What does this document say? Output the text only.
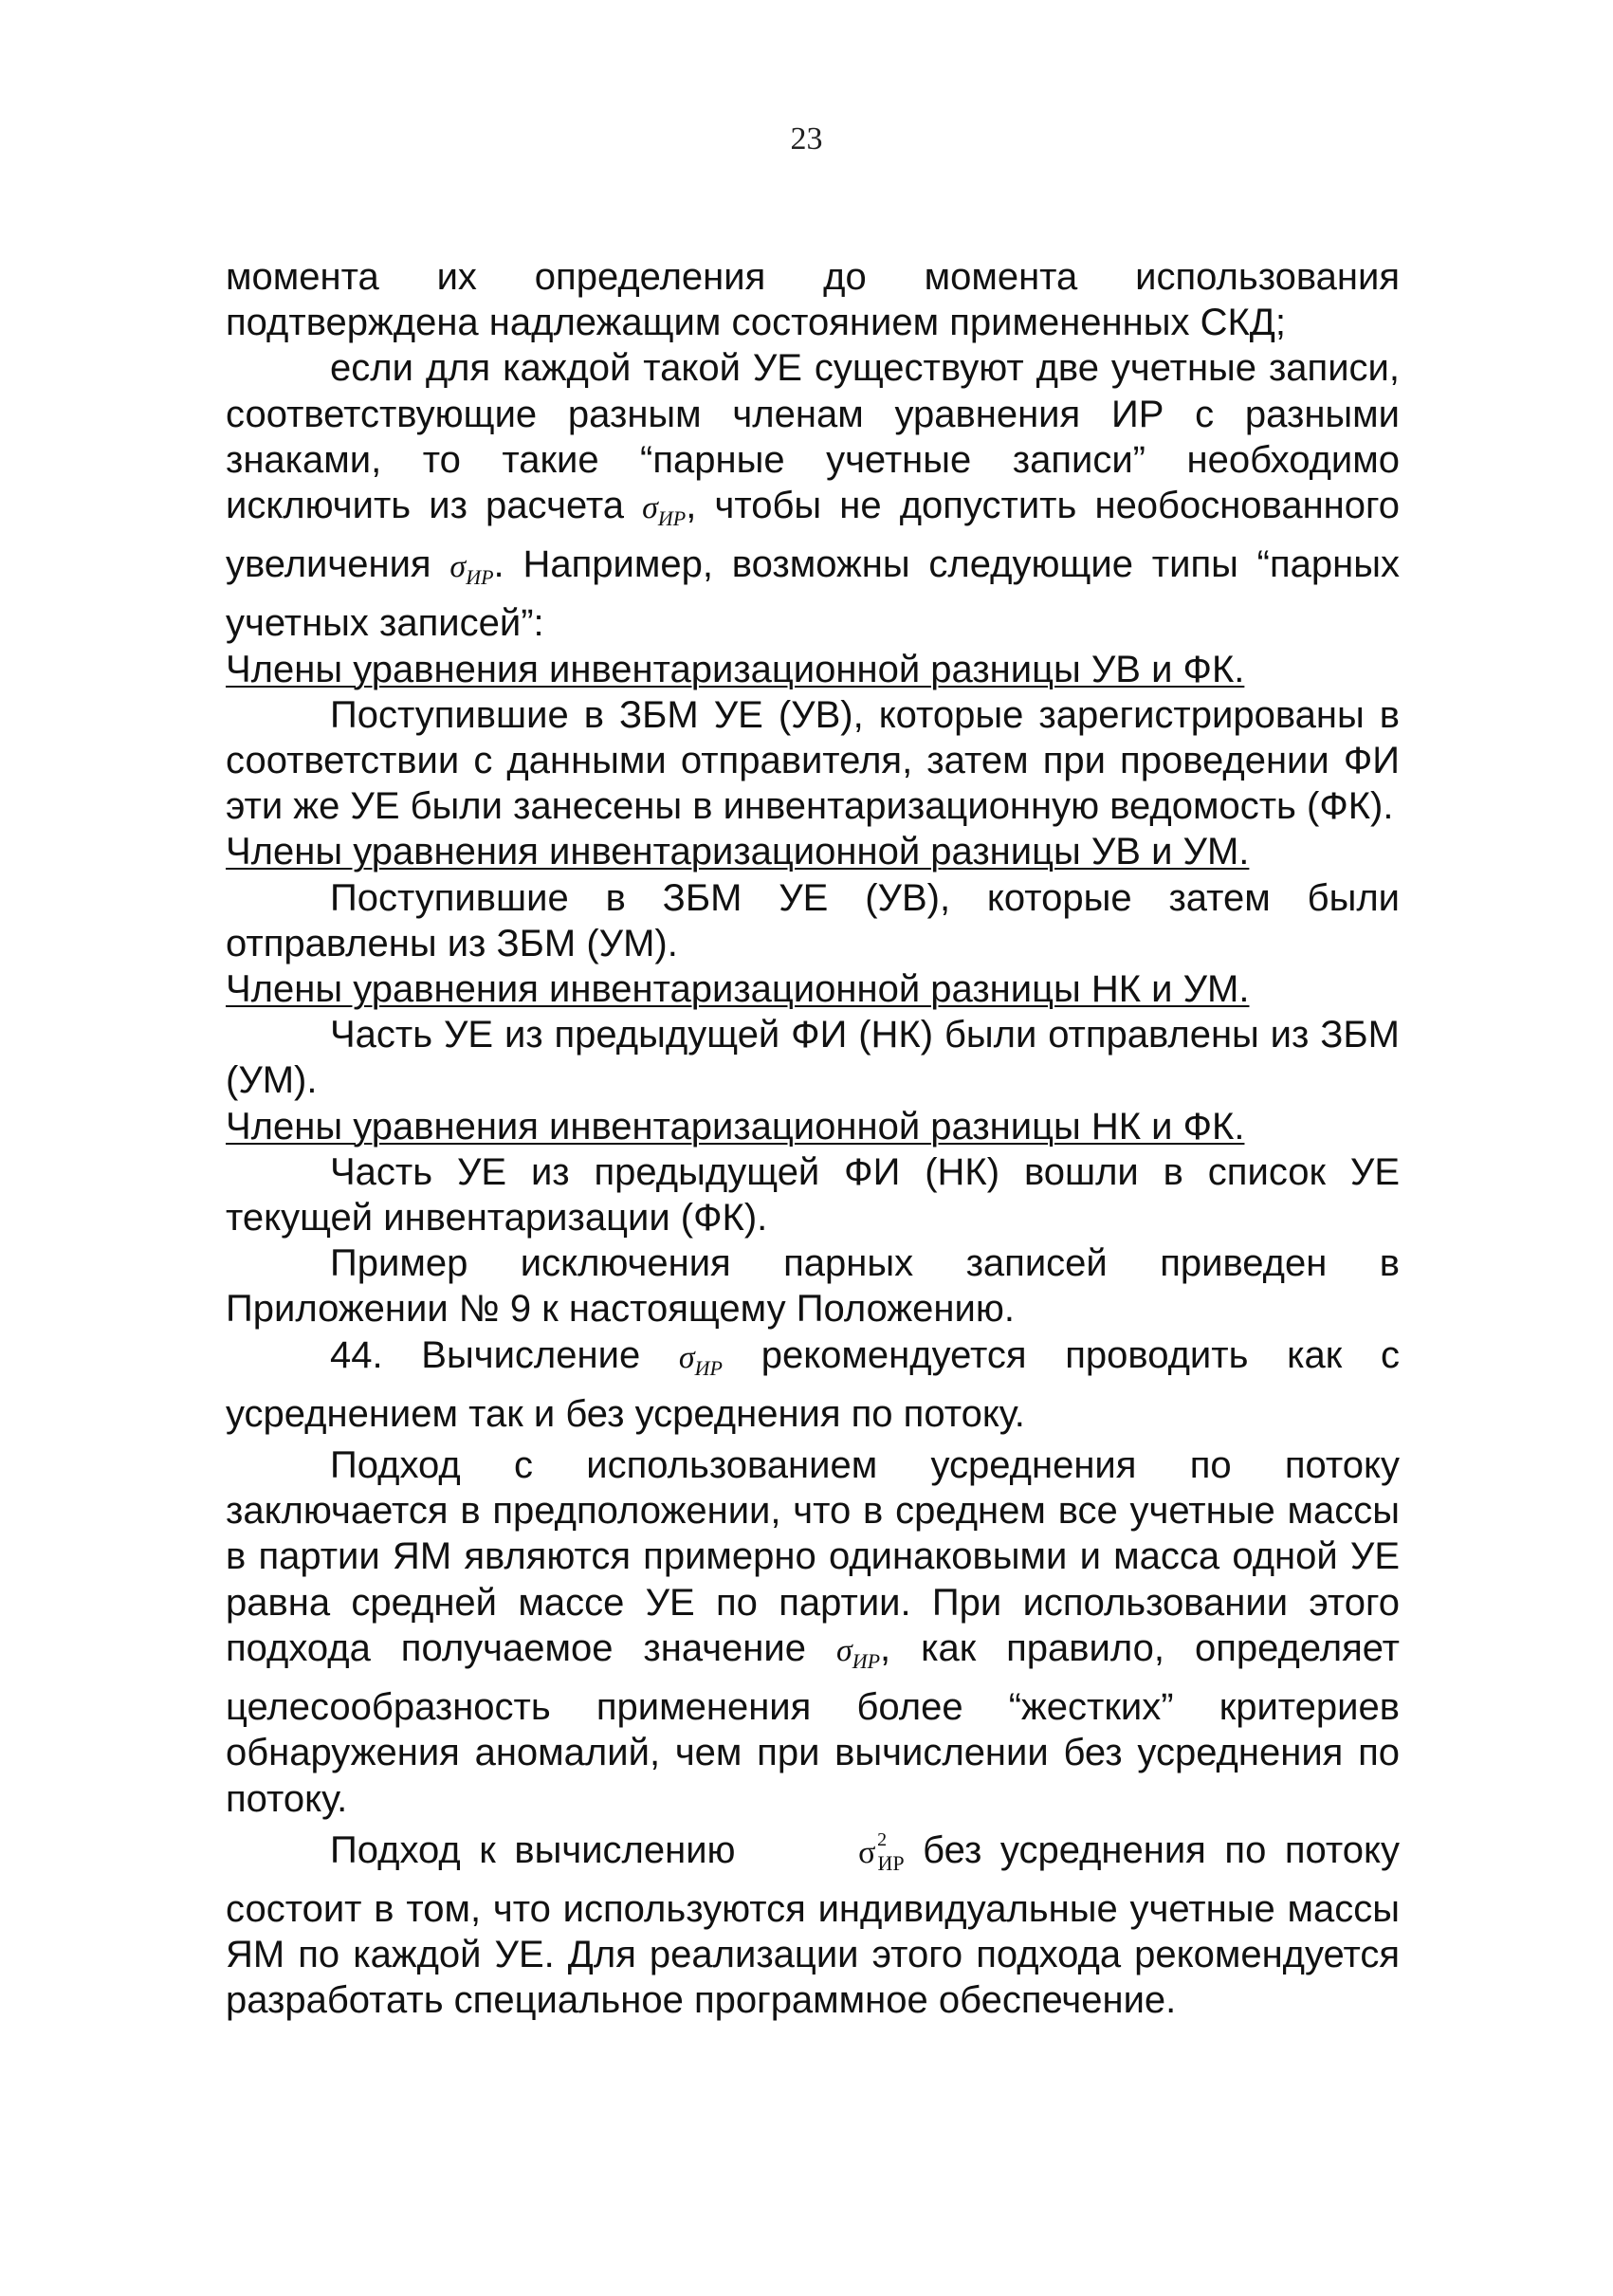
23

момента их определения до момента использования подтверждена надлежащим состоянием примененных СКД;

если для каждой такой УЕ существуют две учетные записи, соответствующие разным членам уравнения ИР с разными знаками, то такие “парные учетные записи” необходимо исключить из расчета $\sigma_{ИР}$, чтобы не допустить необоснованного увеличения $\sigma_{ИР}$. Например, возможны следующие типы “парных учетных записей”:

Члены уравнения инвентаризационной разницы УВ и ФК.

Поступившие в ЗБМ УЕ (УВ), которые зарегистрированы в соответствии с данными отправителя, затем при проведении ФИ эти же УЕ были занесены в инвентаризационную ведомость (ФК).

Члены уравнения инвентаризационной разницы УВ и УМ.

Поступившие в ЗБМ УЕ (УВ), которые затем были отправлены из ЗБМ (УМ).

Члены уравнения инвентаризационной разницы НК и УМ.

Часть УЕ из предыдущей ФИ (НК) были отправлены из ЗБМ (УМ).

Члены уравнения инвентаризационной разницы НК и ФК.

Часть УЕ из предыдущей ФИ (НК) вошли в список УЕ текущей инвентаризации (ФК).

Пример исключения парных записей приведен в Приложении № 9 к настоящему Положению.

44. Вычисление $\sigma_{ИР}$ рекомендуется проводить как с усреднением так и без усреднения по потоку.

Подход с использованием усреднения по потоку заключается в предположении, что в среднем все учетные массы в партии ЯМ являются примерно одинаковыми и масса одной УЕ равна средней массе УЕ по партии. При использовании этого подхода получаемое значение $\sigma_{ИР}$, как правило, определяет целесообразность применения более “жестких” критериев обнаружения аномалий, чем при вычислении без усреднения по потоку.

Подход к вычислению	σ 2
$_{ИР}$ без усреднения по потоку состоит в том, что используются индивидуальные учетные массы ЯМ по каждой УЕ. Для реализации этого подхода рекомендуется разработать специальное программное обеспечение.
